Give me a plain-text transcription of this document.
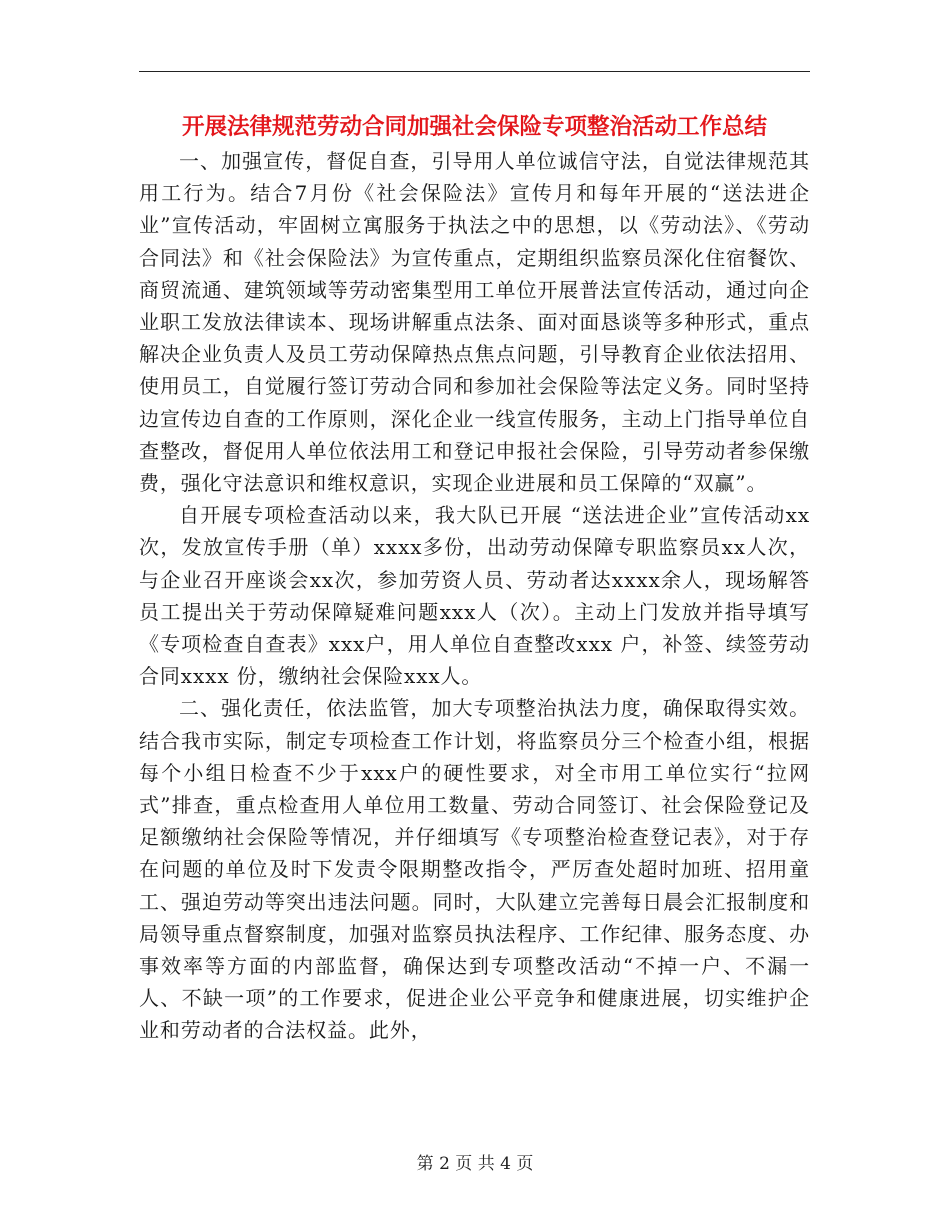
开展法律规范劳动合同加强社会保险专项整治活动工作总结

一、加强宣传，督促自查，引导用人单位诚信守法，自觉法律规范其用工行为。结合7月份《社会保险法》宣传月和每年开展的“送法进企业”宣传活动，牢固树立寓服务于执法之中的思想，以《劳动法》、《劳动合同法》和《社会保险法》为宣传重点，定期组织监察员深化住宿餐饮、商贸流通、建筑领域等劳动密集型用工单位开展普法宣传活动，通过向企业职工发放法律读本、现场讲解重点法条、面对面恳谈等多种形式，重点解决企业负责人及员工劳动保障热点焦点问题，引导教育企业依法招用、使用员工，自觉履行签订劳动合同和参加社会保险等法定义务。同时坚持边宣传边自查的工作原则，深化企业一线宣传服务，主动上门指导单位自查整改，督促用人单位依法用工和登记申报社会保险，引导劳动者参保缴费，强化守法意识和维权意识，实现企业进展和员工保障的“双赢”。

自开展专项检查活动以来，我大队已开展 “送法进企业”宣传活动xx次，发放宣传手册（单）xxxx多份，出动劳动保障专职监察员xx人次，与企业召开座谈会xx次，参加劳资人员、劳动者达xxxx余人，现场解答员工提出关于劳动保障疑难问题xxx人（次）。主动上门发放并指导填写《专项检查自查表》xxx户，用人单位自查整改xxx 户，补签、续签劳动合同xxxx 份，缴纳社会保险xxx人。

二、强化责任，依法监管，加大专项整治执法力度，确保取得实效。结合我市实际，制定专项检查工作计划，将监察员分三个检查小组，根据每个小组日检查不少于xxx户的硬性要求，对全市用工单位实行“拉网式”排查，重点检查用人单位用工数量、劳动合同签订、社会保险登记及足额缴纳社会保险等情况，并仔细填写《专项整治检查登记表》，对于存在问题的单位及时下发责令限期整改指令，严厉查处超时加班、招用童工、强迫劳动等突出违法问题。同时，大队建立完善每日晨会汇报制度和局领导重点督察制度，加强对监察员执法程序、工作纪律、服务态度、办事效率等方面的内部监督，确保达到专项整改活动“不掉一户、不漏一人、不缺一项”的工作要求，促进企业公平竞争和健康进展，切实维护企业和劳动者的合法权益。此外，

第 2 页 共 4 页
